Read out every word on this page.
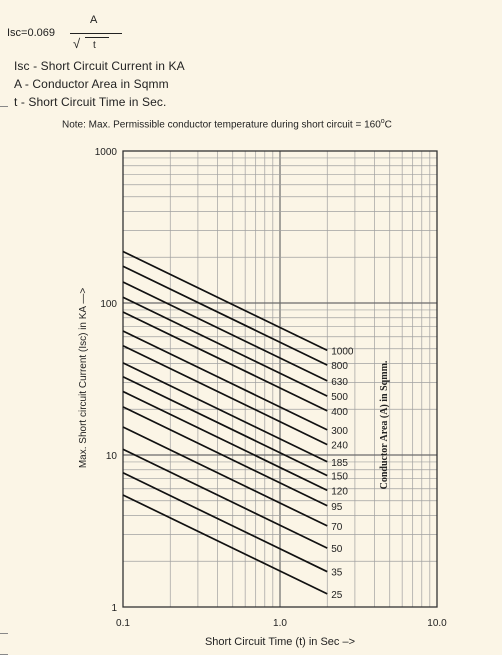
Isc=0.069
A
√ t
Isc - Short Circuit Current in KA
A - Conductor Area in Sqmm
t - Short Circuit Time in Sec.
Note: Max. Permissible conductor temperature during short circuit = $160^oC$
1000
800
630
500
400
300
240
185
150
120
95
70
50
35
25
1
10
100
1000
0.1	1.0	10.0
Short Circuit Time (t) in Sec –>
Max. Short circuit Current (Isc) in KA —>	Conductor Area (A) in Sqmm.
